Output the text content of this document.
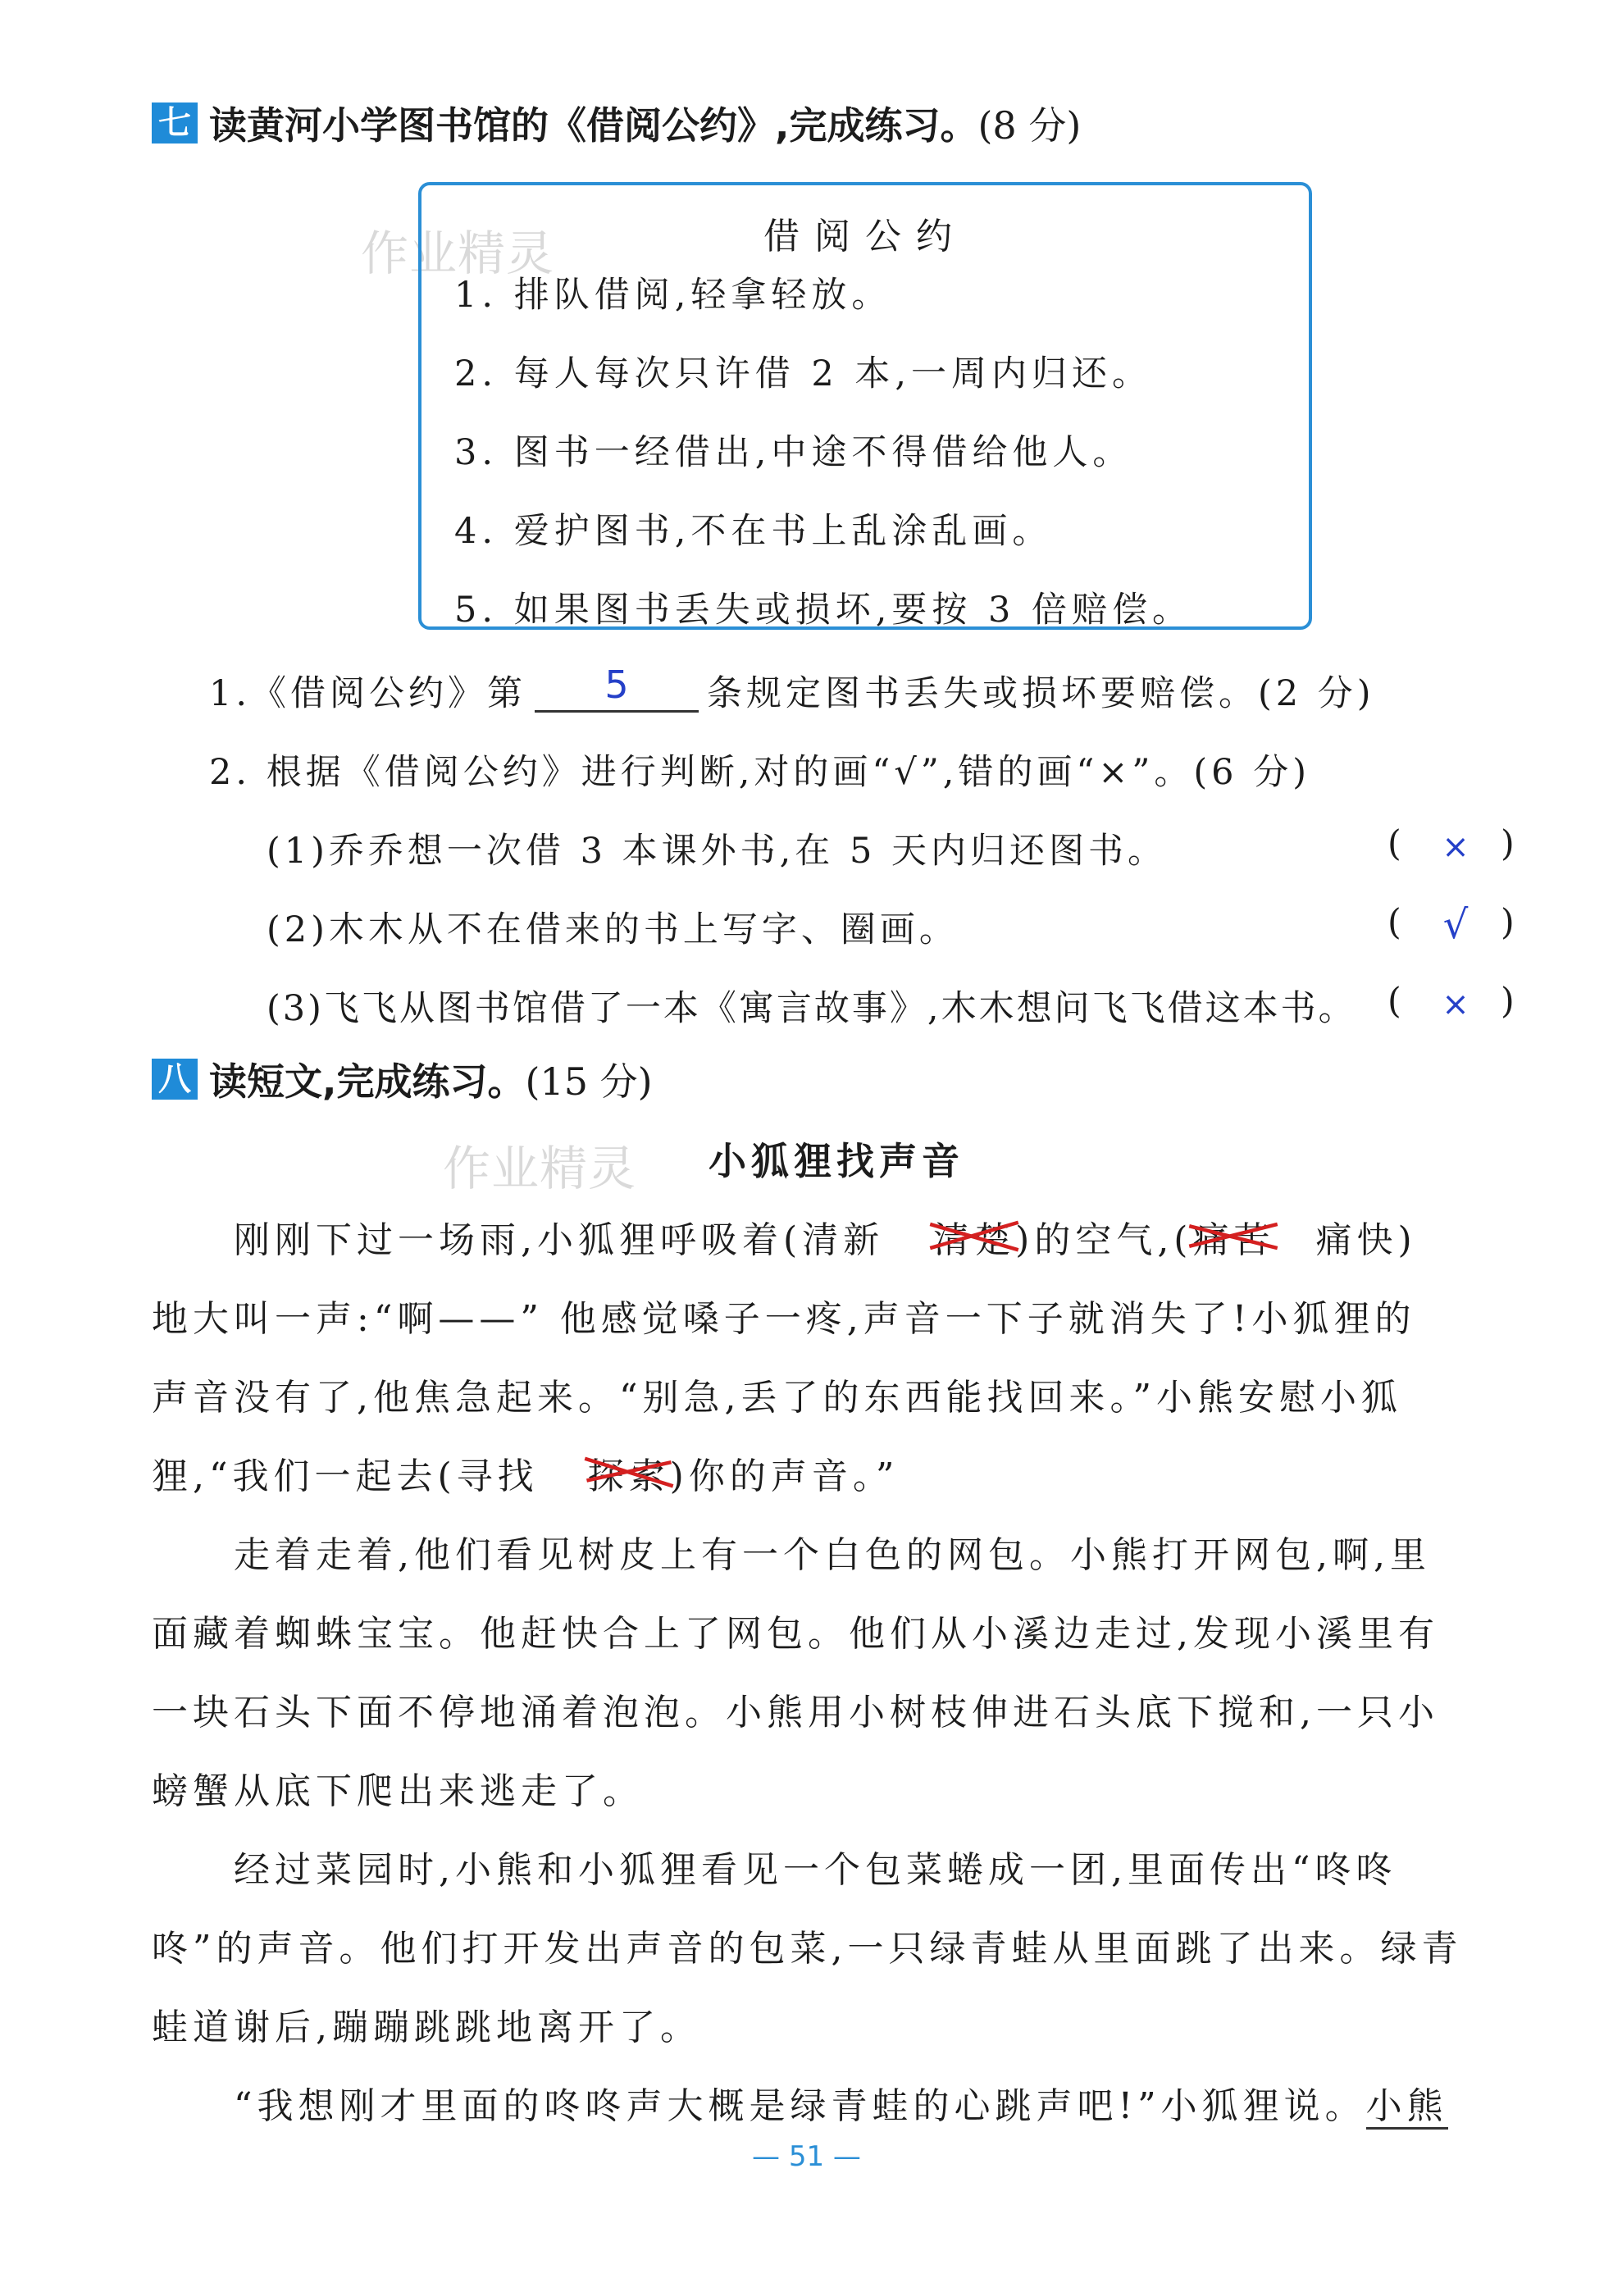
作业精灵
作业精灵
七 读黄河小学图书馆的《借阅公约》,完成练习。 (8 分)
借阅公约
1. 排队借阅,轻拿轻放。
2. 每人每次只许借 2 本,一周内归还。
3. 图书一经借出,中途不得借给他人。
4. 爱护图书,不在书上乱涂乱画。
5. 如果图书丢失或损坏,要按 3 倍赔偿。
1.《借阅公约》第	5	条规定图书丢失或损坏要赔偿。(2 分)
2. 根据《借阅公约》进行判断,对的画“√”,错的画“×”。(6 分)
(1)乔乔想一次借 3 本课外书,在 5 天内归还图书。	(	× )
(2)木木从不在借来的书上写字、圈画。	(	√ )
(3)飞飞从图书馆借了一本《寓言故事》,木木想问飞飞借这本书。 (	× )
八 读短文,完成练习。 (15 分)
小狐狸找声音
刚刚下过一场雨,小狐狸呼吸着(清新 清楚
)的空气,(痛苦 痛快)
地大叫一声:“啊——” 他感觉嗓子一疼,声音一下子就消失了!小狐狸的
声音没有了,他焦急起来。“别急,丢了的东西能找回来。”小熊安慰小狐
狸,“我们一起去(寻找 探索
)你的声音。”
走着走着,他们看见树皮上有一个白色的网包。小熊打开网包,啊,里
面藏着蜘蛛宝宝。他赶快合上了网包。他们从小溪边走过,发现小溪里有
一块石头下面不停地涌着泡泡。小熊用小树枝伸进石头底下搅和,一只小
螃蟹从底下爬出来逃走了。
经过菜园时,小熊和小狐狸看见一个包菜蜷成一团,里面传出“咚咚
咚”的声音。他们打开发出声音的包菜,一只绿青蛙从里面跳了出来。绿青
蛙道谢后,蹦蹦跳跳地离开了。
“我想刚才里面的咚咚声大概是绿青蛙的心跳声吧!”小狐狸说。小熊
— 51 —
